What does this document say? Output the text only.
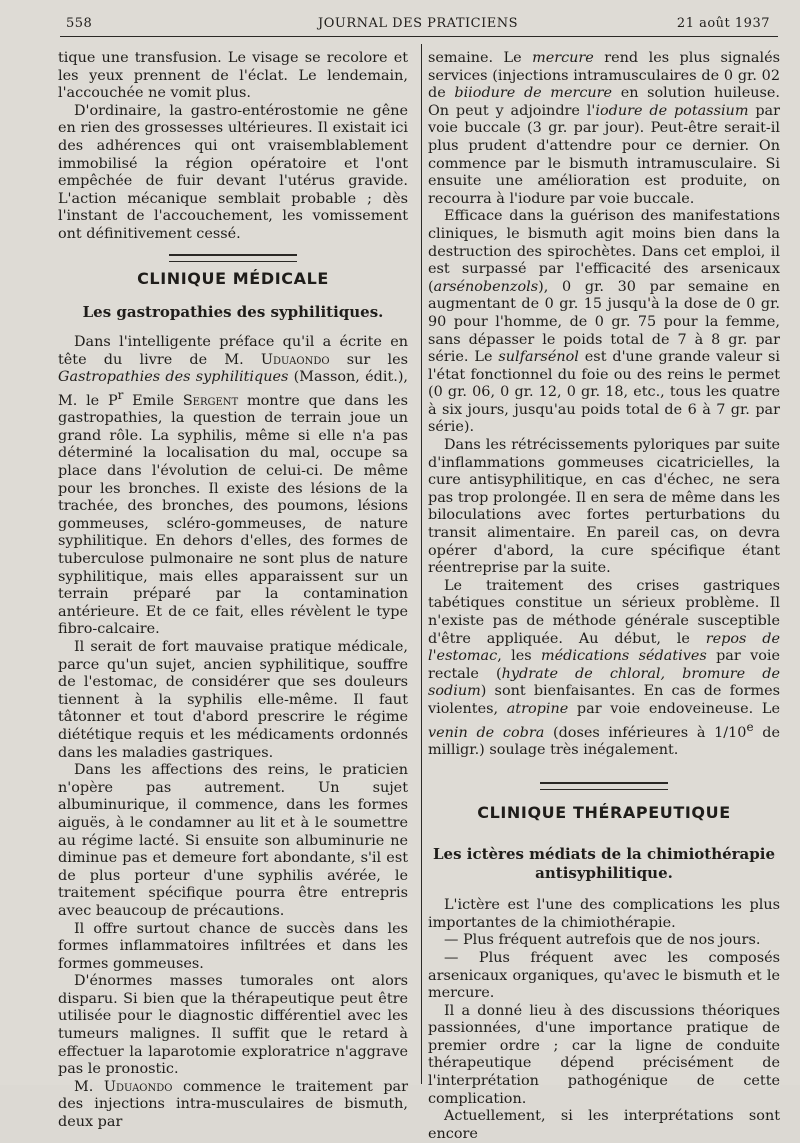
558	JOURNAL DES PRATICIENS	21 août 1937

tique une transfusion. Le visage se recolore et les yeux prennent de l'éclat. Le lendemain, l'accouchée ne vomit plus.

D'ordinaire, la gastro-entérostomie ne gêne en rien des grossesses ultérieures. Il existait ici des adhérences qui ont vraisemblablement immobilisé la région opératoire et l'ont empêchée de fuir devant l'utérus gravide. L'action mécanique semblait probable ; dès l'instant de l'accouchement, les vomissement ont définitivement cessé.

CLINIQUE MÉDICALE
Les gastropathies des syphilitiques.

Dans l'intelligente préface qu'il a écrite en tête du livre de M. Uduaondo sur les Gastropathies des syphilitiques (Masson, édit.), M. le $P^r$ Emile Sergent montre que dans les gastropathies, la question de terrain joue un grand rôle. La syphilis, même si elle n'a pas déterminé la localisation du mal, occupe sa place dans l'évolution de celui-ci. De même pour les bronches. Il existe des lésions de la trachée, des bronches, des poumons, lésions gommeuses, scléro-gommeuses, de nature syphilitique. En dehors d'elles, des formes de tuberculose pulmonaire ne sont plus de nature syphilitique, mais elles apparaissent sur un terrain préparé par la contamination antérieure. Et de ce fait, elles révèlent le type fibro-calcaire.

Il serait de fort mauvaise pratique médicale, parce qu'un sujet, ancien syphilitique, souffre de l'estomac, de considérer que ses douleurs tiennent à la syphilis elle-même. Il faut tâtonner et tout d'abord prescrire le régime diététique requis et les médicaments ordonnés dans les maladies gastriques.

Dans les affections des reins, le praticien n'opère pas autrement. Un sujet albuminurique, il commence, dans les formes aiguës, à le condamner au lit et à le soumettre au régime lacté. Si ensuite son albuminurie ne diminue pas et demeure fort abondante, s'il est de plus porteur d'une syphilis avérée, le traitement spécifique pourra être entrepris avec beaucoup de précautions.

Il offre surtout chance de succès dans les formes inflammatoires infiltrées et dans les formes gommeuses.

D'énormes masses tumorales ont alors disparu. Si bien que la thérapeutique peut être utilisée pour le diagnostic différentiel avec les tumeurs malignes. Il suffit que le retard à effectuer la laparotomie exploratrice n'aggrave pas le pronostic.

M. Uduaondo commence le traitement par des injections intra-musculaires de bismuth, deux par

semaine. Le mercure rend les plus signalés services (injections intramusculaires de 0 gr. 02 de biiodure de mercure en solution huileuse. On peut y adjoindre l'iodure de potassium par voie buccale (3 gr. par jour). Peut-être serait-il plus prudent d'attendre pour ce dernier. On commence par le bismuth intramusculaire. Si ensuite une amélioration est produite, on recourra à l'iodure par voie buccale.

Efficace dans la guérison des manifestations cliniques, le bismuth agit moins bien dans la destruction des spirochètes. Dans cet emploi, il est surpassé par l'efficacité des arsenicaux (arsénobenzols), 0 gr. 30 par semaine en augmentant de 0 gr. 15 jusqu'à la dose de 0 gr. 90 pour l'homme, de 0 gr. 75 pour la femme, sans dépasser le poids total de 7 à 8 gr. par série. Le sulfarsénol est d'une grande valeur si l'état fonctionnel du foie ou des reins le permet (0 gr. 06, 0 gr. 12, 0 gr. 18, etc., tous les quatre à six jours, jusqu'au poids total de 6 à 7 gr. par série).

Dans les rétrécissements pyloriques par suite d'inflammations gommeuses cicatricielles, la cure antisyphilitique, en cas d'échec, ne sera pas trop prolongée. Il en sera de même dans les biloculations avec fortes perturbations du transit alimentaire. En pareil cas, on devra opérer d'abord, la cure spécifique étant réentreprise par la suite.

Le traitement des crises gastriques tabétiques constitue un sérieux problème. Il n'existe pas de méthode générale susceptible d'être appliquée. Au début, le repos de l'estomac, les médications sédatives par voie rectale (hydrate de chloral, bromure de sodium) sont bienfaisantes. En cas de formes violentes, atropine par voie endoveineuse. Le venin de cobra (doses inférieures à 1/10e de milligr.) soulage très inégalement.

CLINIQUE THÉRAPEUTIQUE
Les ictères médiats de la chimiothérapie antisyphilitique.

L'ictère est l'une des complications les plus importantes de la chimiothérapie.

— Plus fréquent autrefois que de nos jours.

— Plus fréquent avec les composés arsenicaux organiques, qu'avec le bismuth et le mercure.

Il a donné lieu à des discussions théoriques passionnées, d'une importance pratique de premier ordre ; car la ligne de conduite thérapeutique dépend précisément de l'interprétation pathogénique de cette complication.

Actuellement, si les interprétations sont encore
